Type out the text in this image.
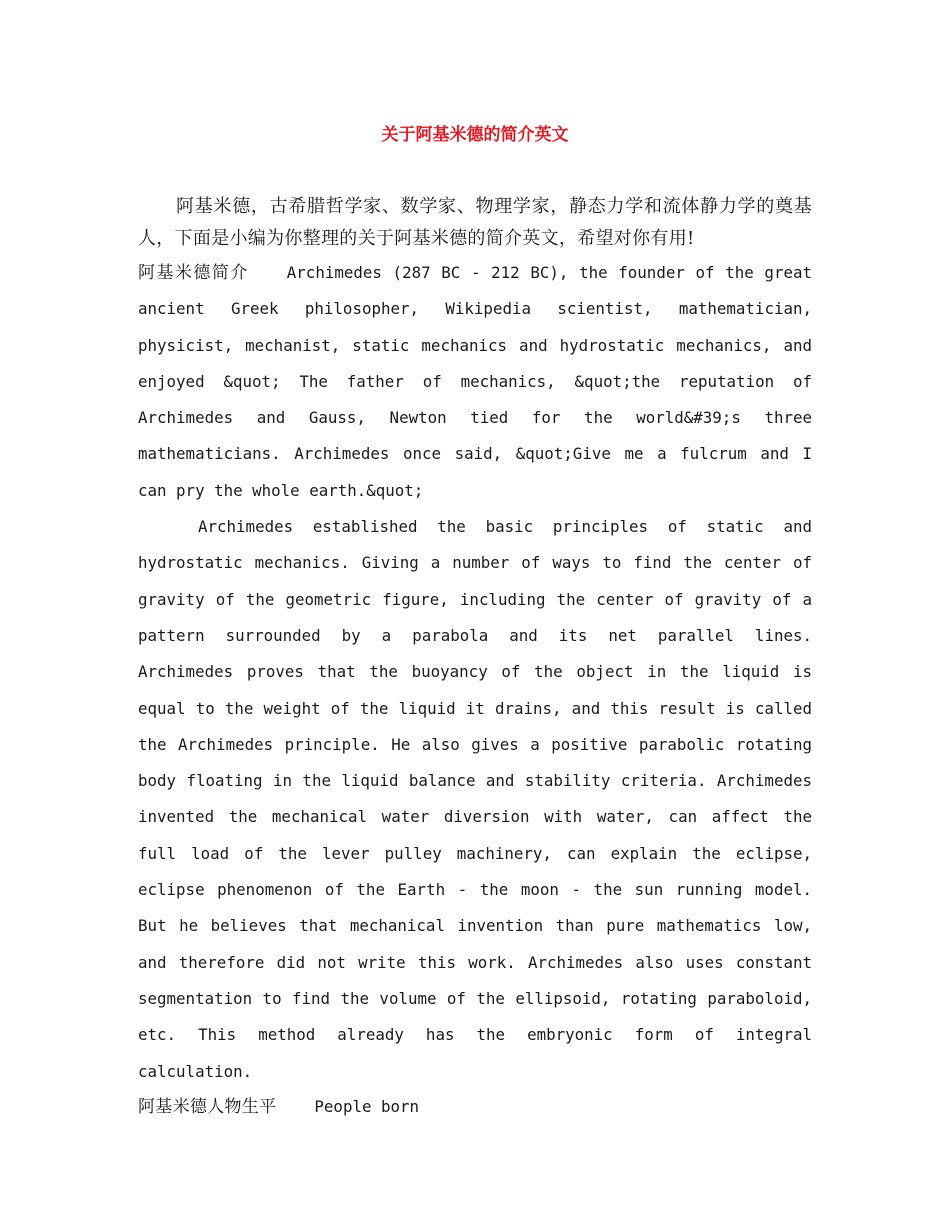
关于阿基米德的简介英文

阿基米德，古希腊哲学家、数学家、物理学家，静态力学和流体静力学的奠基人，下面是小编为你整理的关于阿基米德的简介英文，希望对你有用!

阿基米德简介 Archimedes (287 BC - 212 BC), the founder of the great ancient Greek philosopher, Wikipedia scientist, mathematician, physicist, mechanist, static mechanics and hydrostatic mechanics, and enjoyed &quot; The father of mechanics, &quot;the reputation of Archimedes and Gauss, Newton tied for the world&#39;s three mathematicians. Archimedes once said, &quot;Give me a fulcrum and I can pry the whole earth.&quot;

Archimedes established the basic principles of static and hydrostatic mechanics. Giving a number of ways to find the center of gravity of the geometric figure, including the center of gravity of a pattern surrounded by a parabola and its net parallel lines. Archimedes proves that the buoyancy of the object in the liquid is equal to the weight of the liquid it drains, and this result is called the Archimedes principle. He also gives a positive parabolic rotating body floating in the liquid balance and stability criteria. Archimedes invented the mechanical water diversion with water, can affect the full load of the lever pulley machinery, can explain the eclipse, eclipse phenomenon of the Earth - the moon - the sun running model. But he believes that mechanical invention than pure mathematics low, and therefore did not write this work. Archimedes also uses constant segmentation to find the volume of the ellipsoid, rotating paraboloid, etc. This method already has the embryonic form of integral calculation.

阿基米德人物生平 People born
